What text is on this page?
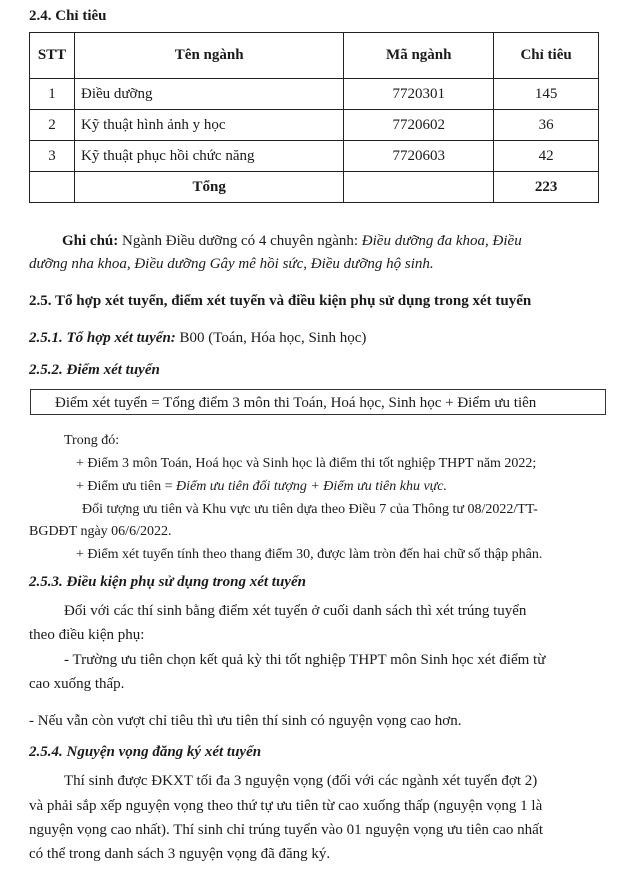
2.4. Chỉ tiêu
STT	Tên ngành	Mã ngành	Chỉ tiêu
1	Điều dưỡng	7720301	145
2	Kỹ thuật hình ảnh y học	7720602	36
3	Kỹ thuật phục hồi chức năng	7720603	42
	Tổng		223
Ghi chú: Ngành Điều dưỡng có 4 chuyên ngành: Điều dưỡng đa khoa, Điều
dưỡng nha khoa, Điều dưỡng Gây mê hồi sức, Điều dưỡng hộ sinh.
2.5. Tổ hợp xét tuyển, điểm xét tuyển và điều kiện phụ sử dụng trong xét tuyển
2.5.1. Tổ hợp xét tuyển: B00 (Toán, Hóa học, Sinh học)
2.5.2. Điểm xét tuyển
Điểm xét tuyển = Tổng điểm 3 môn thi Toán, Hoá học, Sinh học + Điểm ưu tiên
Trong đó:
+ Điểm 3 môn Toán, Hoá học và Sinh học là điểm thi tốt nghiệp THPT năm 2022;
+ Điểm ưu tiên = Điểm ưu tiên đối tượng + Điểm ưu tiên khu vực.
Đối tượng ưu tiên và Khu vực ưu tiên dựa theo Điều 7 của Thông tư 08/2022/TT-
BGDĐT ngày 06/6/2022.
+ Điểm xét tuyển tính theo thang điểm 30, được làm tròn đến hai chữ số thập phân.
2.5.3. Điều kiện phụ sử dụng trong xét tuyển
Đối với các thí sinh bằng điểm xét tuyển ở cuối danh sách thì xét trúng tuyển
theo điều kiện phụ:
- Trường ưu tiên chọn kết quả kỳ thi tốt nghiệp THPT môn Sinh học xét điểm từ
cao xuống thấp.
- Nếu vẫn còn vượt chỉ tiêu thì ưu tiên thí sinh có nguyện vọng cao hơn.
2.5.4. Nguyện vọng đăng ký xét tuyển
Thí sinh được ĐKXT tối đa 3 nguyện vọng (đối với các ngành xét tuyển đợt 2)
và phải sắp xếp nguyện vọng theo thứ tự ưu tiên từ cao xuống thấp (nguyện vọng 1 là
nguyện vọng cao nhất). Thí sinh chỉ trúng tuyển vào 01 nguyện vọng ưu tiên cao nhất
có thể trong danh sách 3 nguyện vọng đã đăng ký.
